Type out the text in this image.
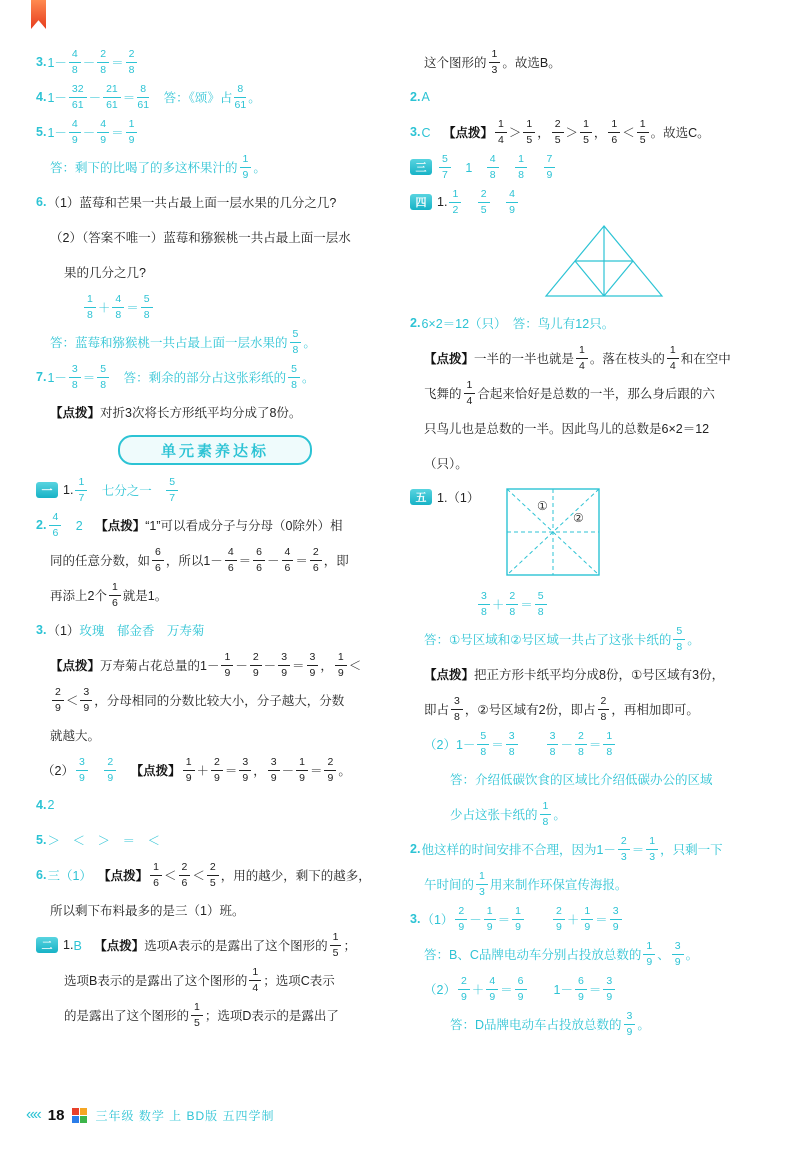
3. $1- \frac{4}{8} - \frac{2}{8} = \frac{2}{8}$
4. $1- \frac{32}{61} - \frac{21}{61} = \frac{8}{61}$ 　答：《颂》占 $\frac{8}{61}$ 。
5. $1- \frac{4}{9} - \frac{4}{9} = \frac{1}{9}$
答：剩下的比喝了的多这杯果汁的 $\frac{1}{9}$ 。
6. （1）蓝莓和芒果一共占最上面一层水果的几分之几?
（2）（答案不唯一）蓝莓和猕猴桃一共占最上面一层水
果的几分之几?
$\frac{1}{8} + \frac{4}{8} = \frac{5}{8}$
答：蓝莓和猕猴桃一共占最上面一层水果的 $\frac{5}{8}$ 。
7. $1- \frac{3}{8} = \frac{5}{8}$ 　答：剩余的部分占这张彩纸的 $\frac{5}{8}$ 。
【点拨】 对折3次将长方形纸平均分成了8份。
单元素养达标
一 1. $\frac{1}{7}$ 　七分之一　 $\frac{5}{7}$
2. $\frac{4}{6}$ 　2　 【点拨】 “1”可以看成分子与分母（0除外）相
同的任意分数，如 $\frac{6}{6}$ ，所以$1- \frac{4}{6} = \frac{6}{6} - \frac{4}{6} = \frac{2}{6}$ ，即
再添上2个 $\frac{1}{6}$ 就是1。
3. （1） 玫瑰　郁金香　万寿菊
【点拨】 万寿菊占花总量的$1- \frac{1}{9} - \frac{2}{9} - \frac{3}{9} = \frac{3}{9}$ ， $\frac{1}{9}$ ＜
$\frac{2}{9} < \frac{3}{9}$ ，分母相同的分数比较大小，分子越大，分数
就越大。
$(2) \frac{3}{9}$
　 $\frac{2}{9}$
　 【点拨】 $\frac{1}{9} + \frac{2}{9} = \frac{3}{9}$ ， $\frac{3}{9} - \frac{1}{9} = \frac{2}{9}$ 。
4. 2
5. ＞　＜　＞　＝　＜
6. 三（1）　 【点拨】 $\frac{1}{6} < \frac{2}{6} < \frac{2}{5}$ ，用的越少，剩下的越多，
所以剩下布料最多的是三（1）班。
二 1. B　 【点拨】 选项A表示的是露出了这个图形的 $\frac{1}{5}$ ；
选项B表示的是露出了这个图形的 $\frac{1}{4}$ ；选项C表示
的是露出了这个图形的 $\frac{1}{5}$ ；选项D表示的是露出了
这个图形的 $\frac{1}{3}$ 。故选B。
2. A
3. C　 【点拨】 $\frac{1}{4} > \frac{1}{5}$ ， $\frac{2}{5} > \frac{1}{5}$ ， $\frac{1}{6} < \frac{1}{5}$ 。故选C。
三	$\frac{5}{7}$ 　1　 $\frac{4}{8}$
　 $\frac{1}{8}$
　 $\frac{7}{9}$
四 1. $\frac{1}{2}$
　 $\frac{2}{5}$
　 $\frac{4}{9}$
2. 6×2＝12（只）　答：鸟儿有12只。
【点拨】 一半的一半也就是 $\frac{1}{4}$ 。落在枝头的 $\frac{1}{4}$ 和在空中
飞舞的 $\frac{1}{4}$ 合起来恰好是总数的一半，那么身后跟的六
只鸟儿也是总数的一半。因此鸟儿的总数是6×2＝12
（只）。
五 1.（1）
①
②
$\frac{3}{8} + \frac{2}{8} = \frac{5}{8}$
答：①号区域和②号区域一共占了这张卡纸的 $\frac{5}{8}$ 。
【点拨】 把正方形卡纸平均分成8份，①号区域有3份，
即占 $\frac{3}{8}$ ，②号区域有2份，即占 $\frac{2}{8}$ ，再相加即可。
$(2)1- \frac{5}{8} = \frac{3}{8}$
　　	$\frac{3}{8} - \frac{2}{8} = \frac{1}{8}$
答：介绍低碳饮食的区域比介绍低碳办公的区域
少占这张卡纸的 $\frac{1}{8}$ 。
2. 他这样的时间安排不合理，因为$1- \frac{2}{3} = \frac{1}{3}$ ，只剩一下
午时间的 $\frac{1}{3}$ 用来制作环保宣传海报。
3. $(1) \frac{2}{9} - \frac{1}{9} = \frac{1}{9}$
　　	$\frac{2}{9} + \frac{1}{9} = \frac{3}{9}$
答：B、C品牌电动车分别占投放总数的 $\frac{1}{9}$ 、 $\frac{3}{9}$ 。
$(2) \frac{2}{9} + \frac{4}{9} = \frac{6}{9}$ 　　$1- \frac{6}{9} = \frac{3}{9}$
答：D品牌电动车占投放总数的 $\frac{3}{9}$ 。
«« 18	三年级 数学 上 BD版 五四学制
